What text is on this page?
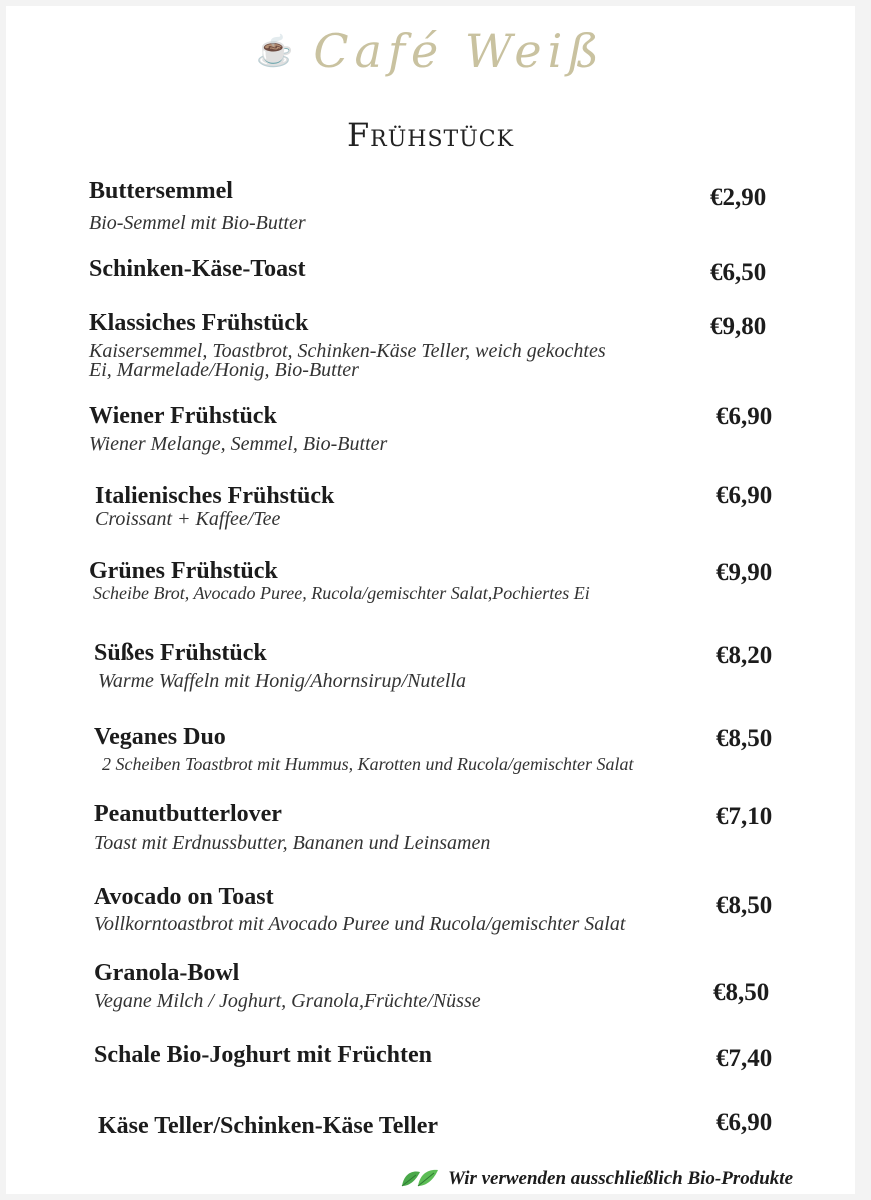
☕ Café Weiß
Frühstück
Buttersemmel
Bio-Semmel mit Bio-Butter
€2,90
Schinken-Käse-Toast	€6,50
Klassiches Frühstück
Kaisersemmel, Toastbrot, Schinken-Käse Teller, weich gekochtes
Ei, Marmelade/Honig, Bio-Butter
€9,80
Wiener Frühstück
Wiener Melange, Semmel, Bio-Butter
€6,90
Italienisches Frühstück
Croissant + Kaffee/Tee
€6,90
Grünes Frühstück
Scheibe Brot, Avocado Puree, Rucola/gemischter Salat,Pochiertes Ei
€9,90
Süßes Frühstück
Warme Waffeln mit Honig/Ahornsirup/Nutella
€8,20
Veganes Duo
2 Scheiben Toastbrot mit Hummus, Karotten und Rucola/gemischter Salat
€8,50
Peanutbutterlover
Toast mit Erdnussbutter, Bananen und Leinsamen
€7,10
Avocado on Toast
Vollkorntoastbrot mit Avocado Puree und Rucola/gemischter Salat
€8,50
Granola-Bowl
Vegane Milch / Joghurt, Granola,Früchte/Nüsse	€8,50
Schale Bio-Joghurt mit Früchten	€7,40
Käse Teller/Schinken-Käse Teller	€6,90
Wir verwenden ausschließlich Bio-Produkte
